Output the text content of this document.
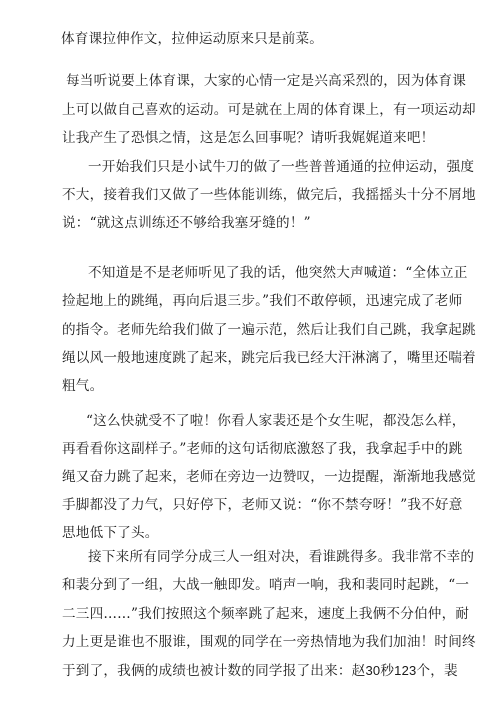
体育课拉伸作文，拉伸运动原来只是前菜。
每当听说要上体育课，大家的心情一定是兴高采烈的，因为体育课
上可以做自己喜欢的运动。可是就在上周的体育课上，有一项运动却
让我产生了恐惧之情，这是怎么回事呢？请听我娓娓道来吧！
一开始我们只是小试牛刀的做了一些普普通通的拉伸运动，强度
不大，接着我们又做了一些体能训练，做完后，我摇摇头十分不屑地
说：“就这点训练还不够给我塞牙缝的！”
不知道是不是老师听见了我的话，他突然大声喊道：“全体立正
捡起地上的跳绳，再向后退三步。”我们不敢停顿，迅速完成了老师
的指令。老师先给我们做了一遍示范，然后让我们自己跳，我拿起跳
绳以风一般地速度跳了起来，跳完后我已经大汗淋漓了，嘴里还喘着
粗气。
“这么快就受不了啦！你看人家裴还是个女生呢，都没怎么样，
再看看你这副样子。”老师的这句话彻底激怒了我，我拿起手中的跳
绳又奋力跳了起来，老师在旁边一边赞叹，一边提醒，渐渐地我感觉
手脚都没了力气，只好停下，老师又说：“你不禁夸呀！”我不好意
思地低下了头。
接下来所有同学分成三人一组对决，看谁跳得多。我非常不幸的
和裴分到了一组，大战一触即发。哨声一响，我和裴同时起跳，“一
二三四……”我们按照这个频率跳了起来，速度上我俩不分伯仲，耐
力上更是谁也不服谁，围观的同学在一旁热情地为我们加油！时间终
于到了，我俩的成绩也被计数的同学报了出来：赵30秒123个，裴
